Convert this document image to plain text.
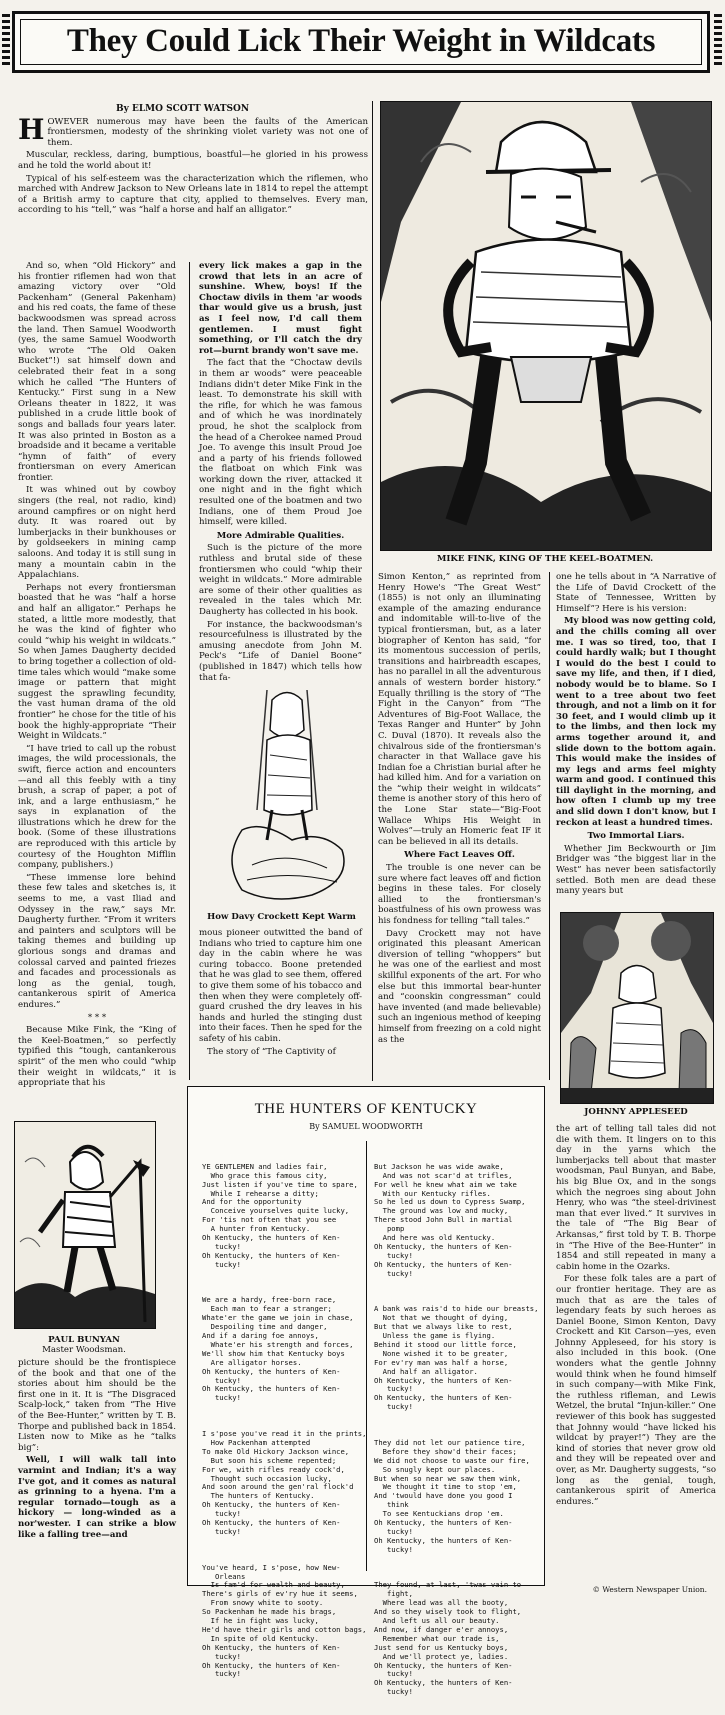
They Could Lick Their Weight in Wildcats

By ELMO SCOTT WATSON

HOWEVER numerous may have been the faults of the American frontiersmen, modesty of the shrinking violet variety was not one of them.

Muscular, reckless, daring, bumptious, boastful—he gloried in his prowess and he told the world about it!

Typical of his self-esteem was the characterization which the riflemen, who marched with Andrew Jackson to New Orleans late in 1814 to repel the attempt of a British army to capture that city, applied to themselves. Every man, according to his “tell,” was “half a horse and half an alligator.”

And so, when “Old Hickory” and his frontier riflemen had won that amazing victory over “Old Packenham” (General Pakenham) and his red coats, the fame of these backwoodsmen was spread across the land. Then Samuel Woodworth (yes, the same Samuel Woodworth who wrote “The Old Oaken Bucket”!) sat himself down and celebrated their feat in a song which he called “The Hunters of Kentucky.” First sung in a New Orleans theater in 1822, it was published in a crude little book of songs and ballads four years later. It was also printed in Boston as a broadside and it became a veritable “hymn of faith” of every frontiersman on every American frontier.

It was whined out by cowboy singers (the real, not radio, kind) around campfires or on night herd duty. It was roared out by lumberjacks in their bunkhouses or by goldseekers in mining camp saloons. And today it is still sung in many a mountain cabin in the Appalachians.

Perhaps not every frontiersman boasted that he was “half a horse and half an alligator.” Perhaps he stated, a little more modestly, that he was the kind of fighter who could “whip his weight in wildcats.” So when James Daugherty decided to bring together a collection of old-time tales which would “make some image or pattern that might suggest the sprawling fecundity, the vast human drama of the old frontier” he chose for the title of his book the highly-appropriate “Their Weight in Wildcats.”

“I have tried to call up the robust images, the wild processionals, the swift, fierce action and encounters—and all this feebly with a tiny brush, a scrap of paper, a pot of ink, and a large enthusiasm,” he says in explanation of the illustrations which he drew for the book. (Some of these illustrations are reproduced with this article by courtesy of the Houghton Mifflin company, publishers.)

“These immense lore behind these few tales and sketches is, it seems to me, a vast Iliad and Odyssey in the raw,” says Mr. Daugherty further. “From it writers and painters and sculptors will be taking themes and building up glorious songs and dramas and colossal carved and painted friezes and facades and processionals as long as the genial, tough, cantankerous spirit of America endures.”

* * *

Because Mike Fink, the “King of the Keel-Boatmen,” so perfectly typified this “tough, cantankerous spirit” of the men who could “whip their weight in wildcats,” it is appropriate that his

PAUL BUNYAN
Master Woodsman.

picture should be the frontispiece of the book and that one of the stories about him should be the first one in it. It is “The Disgraced Scalp-lock,” taken from “The Hive of the Bee-Hunter,” written by T. B. Thorpe and published back in 1854. Listen now to Mike as he “talks big”:

Well, I will walk tall into varmint and Indian; it's a way I've got, and it comes as natural as grinning to a hyena. I'm a regular tornado—tough as a hickory — long-winded as a nor'wester. I can strike a blow like a falling tree—and

every lick makes a gap in the crowd that lets in an acre of sunshine. Whew, boys! If the Choctaw divils in them 'ar woods thar would give us a brush, just as I feel now, I'd call them gentlemen. I must fight something, or I'll catch the dry rot—burnt brandy won't save me.

The fact that the “Choctaw devils in them ar woods” were peaceable Indians didn't deter Mike Fink in the least. To demonstrate his skill with the rifle, for which he was famous and of which he was inordinately proud, he shot the scalplock from the head of a Cherokee named Proud Joe. To avenge this insult Proud Joe and a party of his friends followed the flatboat on which Fink was working down the river, attacked it one night and in the fight which resulted one of the boatmen and two Indians, one of them Proud Joe himself, were killed.

More Admirable Qualities.

Such is the picture of the more ruthless and brutal side of these frontiersmen who could “whip their weight in wildcats.” More admirable are some of their other qualities as revealed in the tales which Mr. Daugherty has collected in his book.

For instance, the backwoodsman's resourcefulness is illustrated by the amusing anecdote from John M. Peck's “Life of Daniel Boone” (published in 1847) which tells how that fa-

How Davy Crockett Kept Warm

mous pioneer outwitted the band of Indians who tried to capture him one day in the cabin where he was curing tobacco. Boone pretended that he was glad to see them, offered to give them some of his tobacco and then when they were completely off-guard crushed the dry leaves in his hands and hurled the stinging dust into their faces. Then he sped for the safety of his cabin.

The story of “The Captivity of

MIKE FINK, KING OF THE KEEL-BOATMEN.

Simon Kenton,” as reprinted from Henry Howe's “The Great West” (1855) is not only an illuminating example of the amazing endurance and indomitable will-to-live of the typical frontiersman, but, as a later biographer of Kenton has said, “for its momentous succession of perils, transitions and hairbreadth escapes, has no parallel in all the adventurous annals of western border history.” Equally thrilling is the story of “The Fight in the Canyon” from “The Adventures of Big-Foot Wallace, the Texas Ranger and Hunter” by John C. Duval (1870). It reveals also the chivalrous side of the frontiersman's character in that Wallace gave his Indian foe a Christian burial after he had killed him. And for a variation on the “whip their weight in wildcats” theme is another story of this hero of the Lone Star state—“Big-Foot Wallace Whips His Weight in Wolves”—truly an Homeric feat IF it can be believed in all its details.

Where Fact Leaves Off.

The trouble is one never can be sure where fact leaves off and fiction begins in these tales. For closely allied to the frontiersman's boastfulness of his own prowess was his fondness for telling “tall tales.”

Davy Crockett may not have originated this pleasant American diversion of telling “whoppers” but he was one of the earliest and most skillful exponents of the art. For who else but this immortal bear-hunter and “coonskin congressman” could have invented (and made believable) such an ingenious method of keeping himself from freezing on a cold night as the

one he tells about in “A Narrative of the Life of David Crockett of the State of Tennessee, Written by Himself”? Here is his version:

My blood was now getting cold, and the chills coming all over me. I was so tired, too, that I could hardly walk; but I thought I would do the best I could to save my life, and then, if I died, nobody would be to blame. So I went to a tree about two feet through, and not a limb on it for 30 feet, and I would climb up it to the limbs, and then lock my arms together around it, and slide down to the bottom again. This would make the insides of my legs and arms feel mighty warm and good. I continued this till daylight in the morning, and how often I clumb up my tree and slid down I don't know, but I reckon at least a hundred times.

Two Immortal Liars.

Whether Jim Beckwourth or Jim Bridger was “the biggest liar in the West” has never been satisfactorily settled. Both men are dead these many years but

JOHNNY APPLESEED

the art of telling tall tales did not die with them. It lingers on to this day in the yarns which the lumberjacks tell about that master woodsman, Paul Bunyan, and Babe, his big Blue Ox, and in the songs which the negroes sing about John Henry, who was “the steel-drivinest man that ever lived.” It survives in the tale of “The Big Bear of Arkansas,” first told by T. B. Thorpe in “The Hive of the Bee-Hunter” in 1854 and still repeated in many a cabin home in the Ozarks.

For these folk tales are a part of our frontier heritage. They are as much that as are the tales of legendary feats by such heroes as Daniel Boone, Simon Kenton, Davy Crockett and Kit Carson—yes, even Johnny Appleseed, for his story is also included in this book. (One wonders what the gentle Johnny would think when he found himself in such company—with Mike Fink, the ruthless rifleman, and Lewis Wetzel, the brutal “Injun-killer.” One reviewer of this book has suggested that Johnny would “have licked his wildcat by prayer!”) They are the kind of stories that never grow old and they will be repeated over and over, as Mr. Daugherty suggests, “so long as the genial, tough, cantankerous spirit of America endures.”

THE HUNTERS OF KENTUCKY
By SAMUEL WOODWORTH

YE GENTLEMEN and ladies fair,
Who grace this famous city,
Just listen if you've time to spare,
While I rehearse a ditty;
And for the opportunity
Conceive yourselves quite lucky,
For 'tis not often that you see
A hunter from Kentucky.
Oh Kentucky, the hunters of Ken-
tucky!
Oh Kentucky, the hunters of Ken-
tucky!

We are a hardy, free-born race,
Each man to fear a stranger;
Whate'er the game we join in chase,
Despoiling time and danger,
And if a daring foe annoys,
Whate'er his strength and forces,
We'll show him that Kentucky boys
Are alligator horses.
Oh Kentucky, the hunters of Ken-
tucky!
Oh Kentucky, the hunters of Ken-
tucky!

I s'pose you've read it in the prints,
How Packenham attempted
To make Old Hickory Jackson wince,
But soon his scheme repented;
For we, with rifles ready cock'd,
Thought such occasion lucky,
And soon around the gen'ral flock'd
The hunters of Kentucky.
Oh Kentucky, the hunters of Ken-
tucky!
Oh Kentucky, the hunters of Ken-
tucky!

You've heard, I s'pose, how New-
Orleans
Is fam'd for wealth and beauty,
There's girls of ev'ry hue it seems,
From snowy white to sooty.
So Packenham he made his brags,
If he in fight was lucky,
He'd have their girls and cotton bags,
In spite of old Kentucky.
Oh Kentucky, the hunters of Ken-
tucky!
Oh Kentucky, the hunters of Ken-
tucky!

But Jackson he was wide awake,
And was not scar'd at trifles,
For well he knew what aim we take
With our Kentucky rifles.
So he led us down to Cypress Swamp,
The ground was low and mucky,
There stood John Bull in martial
pomp
And here was old Kentucky.
Oh Kentucky, the hunters of Ken-
tucky!
Oh Kentucky, the hunters of Ken-
tucky!

A bank was rais'd to hide our breasts,
Not that we thought of dying,
But that we always like to rest,
Unless the game is flying.
Behind it stood our little force,
None wished it to be greater,
For ev'ry man was half a horse,
And half an alligator.
Oh Kentucky, the hunters of Ken-
tucky!
Oh Kentucky, the hunters of Ken-
tucky!

They did not let our patience tire,
Before they show'd their faces;
We did not choose to waste our fire,
So snugly kept our places.
But when so near we saw them wink,
We thought it time to stop 'em,
And 'twould have done you good I
think
To see Kentuckians drop 'em.
Oh Kentucky, the hunters of Ken-
tucky!
Oh Kentucky, the hunters of Ken-
tucky!

They found, at last, 'twas vain to
fight,
Where lead was all the booty,
And so they wisely took to flight,
And left us all our beauty.
And now, if danger e'er annoys,
Remember what our trade is,
Just send for us Kentucky boys,
And we'll protect ye, ladies.
Oh Kentucky, the hunters of Ken-
tucky!
Oh Kentucky, the hunters of Ken-
tucky!

© Western Newspaper Union.
